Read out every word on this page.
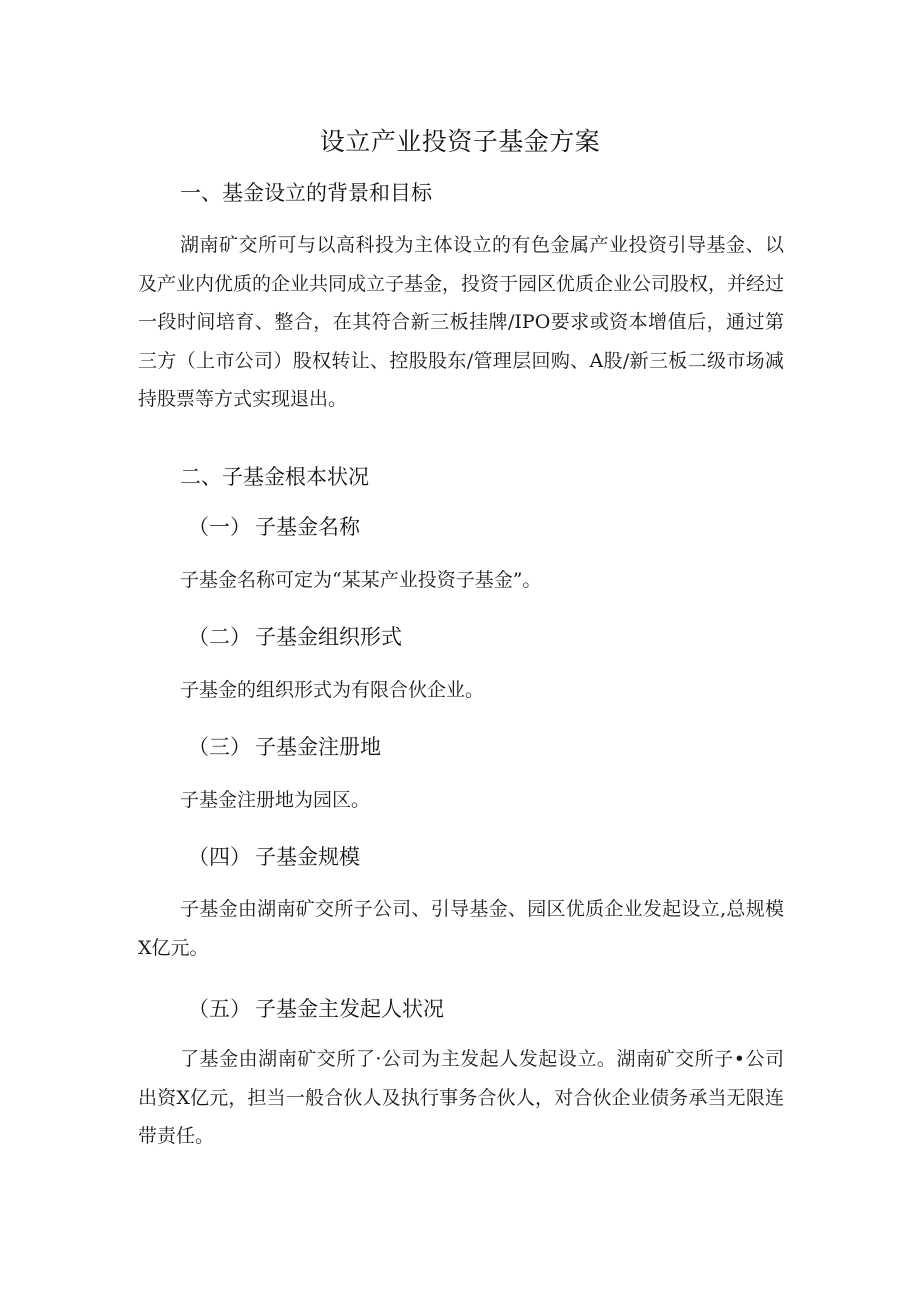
设立产业投资子基金方案
一、基金设立的背景和目标
湖南矿交所可与以高科投为主体设立的有色金属产业投资引导基金、以及产业内优质的企业共同成立子基金，投资于园区优质企业公司股权，并经过一段时间培育、整合，在其符合新三板挂牌/IPO要求或资本增值后，通过第三方（上市公司）股权转让、控股股东/管理层回购、A股/新三板二级市场减持股票等方式实现退出。
二、子基金根本状况
（一） 子基金名称
子基金名称可定为“某某产业投资子基金”。
（二） 子基金组织形式
子基金的组织形式为有限合伙企业。
（三） 子基金注册地
子基金注册地为园区。
（四） 子基金规模
子基金由湖南矿交所子公司、引导基金、园区优质企业发起设立,总规模X亿元。
（五） 子基金主发起人状况
了基金由湖南矿交所了·公司为主发起人发起设立。湖南矿交所子•公司出资X亿元，担当一般合伙人及执行事务合伙人，对合伙企业债务承当无限连带责任。
